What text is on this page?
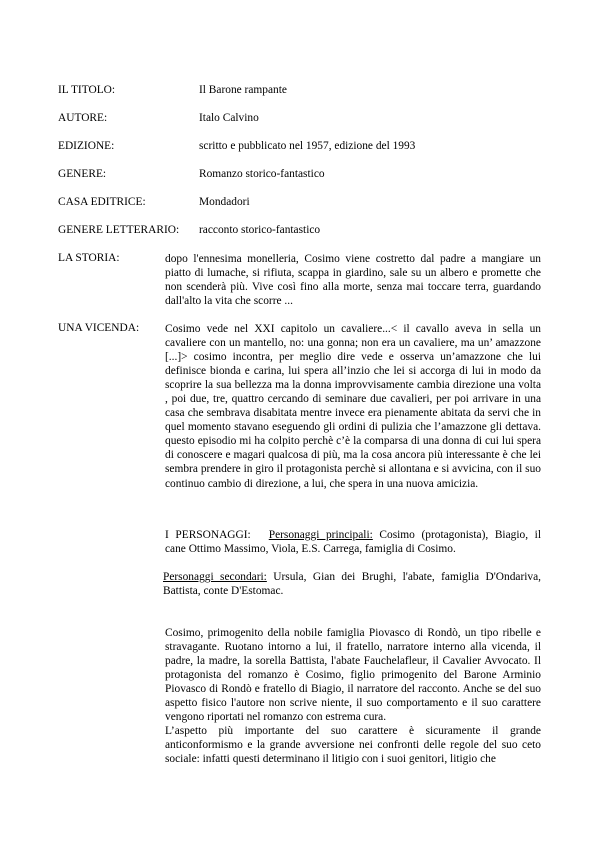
IL TITOLO:	Il Barone rampante
AUTORE:	Italo Calvino
EDIZIONE:	scritto e pubblicato nel 1957, edizione del 1993
GENERE:	Romanzo storico-fantastico
CASA EDITRICE:	Mondadori
GENERE LETTERARIO: racconto storico-fantastico
LA STORIA:	dopo l'ennesima monelleria, Cosimo viene costretto dal padre a mangiare un piatto di lumache, si rifiuta, scappa in giardino, sale su un albero e promette che non scenderà più. Vive così fino alla morte, senza mai toccare terra, guardando dall'alto la vita che scorre ...
UNA VICENDA: Cosimo vede nel XXI capitolo un cavaliere...< il cavallo aveva in sella un cavaliere con un mantello, no: una gonna; non era un cavaliere, ma un’ amazzone [...]> cosimo incontra, per meglio dire vede e osserva un’amazzone che lui definisce bionda e carina, lui spera all’inzio che lei si accorga di lui in modo da scoprire la sua bellezza ma la donna improvvisamente cambia direzione una volta , poi due, tre, quattro cercando di seminare due cavalieri, per poi arrivare in una casa che sembrava disabitata mentre invece era pienamente abitata da servi che in quel momento stavano eseguendo gli ordini di pulizia che l’amazzone gli dettava. questo episodio mi ha colpito perchè c’è la comparsa di una donna di cui lui spera di conoscere e magari qualcosa di più, ma la cosa ancora più interessante è che lei sembra prendere in giro il protagonista perchè si allontana e si avvicina, con il suo continuo cambio di direzione, a lui, che spera in una nuova amicizia.
I PERSONAGGI: Personaggi principali: Cosimo (protagonista), Biagio, il cane Ottimo Massimo, Viola, E.S. Carrega, famiglia di Cosimo.
Personaggi secondari: Ursula, Gian dei Brughi, l'abate, famiglia D'Ondariva, Battista, conte D'Estomac.

Cosimo, primogenito della nobile famiglia Piovasco di Rondò, un tipo ribelle e stravagante. Ruotano intorno a lui, il fratello, narratore interno alla vicenda, il padre, la madre, la sorella Battista, l'abate Fauchelafleur, il Cavalier Avvocato. Il protagonista del romanzo è Cosimo, figlio primogenito del Barone Arminio Piovasco di Rondò e fratello di Biagio, il narratore del racconto. Anche se del suo aspetto fisico l'autore non scrive niente, il suo comportamento e il suo carattere vengono riportati nel romanzo con estrema cura.

L’aspetto più importante del suo carattere è sicuramente il grande anticonformismo e la grande avversione nei confronti delle regole del suo ceto sociale: infatti questi determinano il litigio con i suoi genitori, litigio che
